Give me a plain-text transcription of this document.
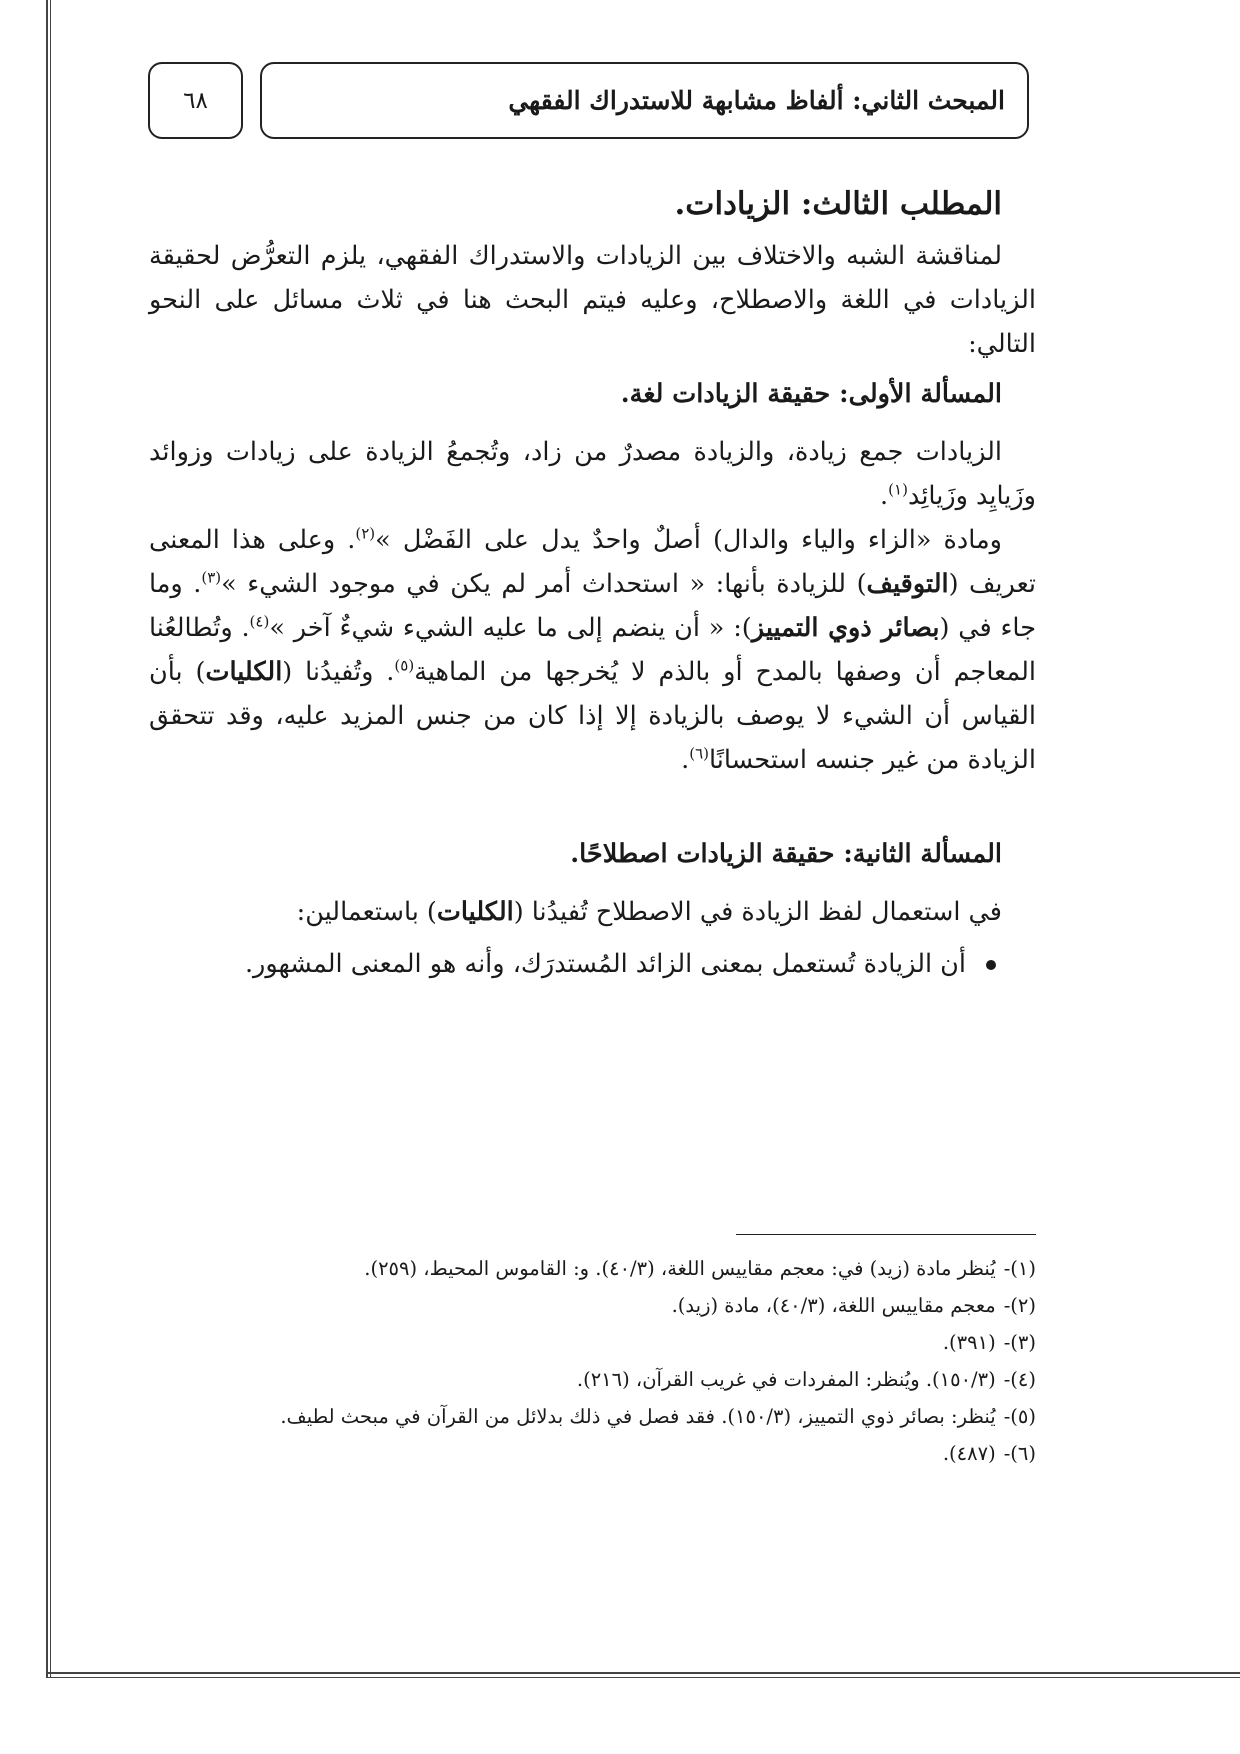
المبحث الثاني: ألفاظ مشابهة للاستدراك الفقهي
٦٨

المطلب الثالث: الزيادات.

لمناقشة الشبه والاختلاف بين الزيادات والاستدراك الفقهي، يلزم التعرُّض لحقيقة الزيادات في اللغة والاصطلاح، وعليه فيتم البحث هنا في ثلاث مسائل على النحو التالي:

المسألة الأولى: حقيقة الزيادات لغة.

الزيادات جمع زيادة، والزيادة مصدرٌ من زاد، وتُجمعُ الزيادة على زيادات وزوائد وزَيايِد وزَيائِد$^{(١)}$.

ومادة «الزاء والياء والدال) أصلٌ واحدٌ يدل على الفَضْل »$^{(٢)}$. وعلى هذا المعنى تعريف (التوقيف) للزيادة بأنها: « استحداث أمر لم يكن في موجود الشيء »$^{(٣)}$. وما جاء في (بصائر ذوي التمييز): « أن ينضم إلى ما عليه الشيء شيءٌ آخر »$^{(٤)}$. وتُطالعُنا المعاجم أن وصفها بالمدح أو بالذم لا يُخرجها من الماهية$^{(٥)}$. وتُفيدُنا (الكليات) بأن القياس أن الشيء لا يوصف بالزيادة إلا إذا كان من جنس المزيد عليه، وقد تتحقق الزيادة من غير جنسه استحسانًا$^{(٦)}$.

المسألة الثانية: حقيقة الزيادات اصطلاحًا.

في استعمال لفظ الزيادة في الاصطلاح تُفيدُنا (الكليات) باستعمالين:

أن الزيادة تُستعمل بمعنى الزائد المُستدرَك، وأنه هو المعنى المشهور.
(١)-
يُنظر مادة (زيد) في: معجم مقاييس اللغة، (٤٠/٣). و: القاموس المحيط، (٢٥٩).
(٢)-
معجم مقاييس اللغة، (٤٠/٣)، مادة (زيد).
(٣)-
(٣٩١).
(٤)-
(١٥٠/٣). ويُنظر: المفردات في غريب القرآن، (٢١٦).
(٥)-
يُنظر: بصائر ذوي التمييز، (١٥٠/٣). فقد فصل في ذلك بدلائل من القرآن في مبحث لطيف.
(٦)-
(٤٨٧).
